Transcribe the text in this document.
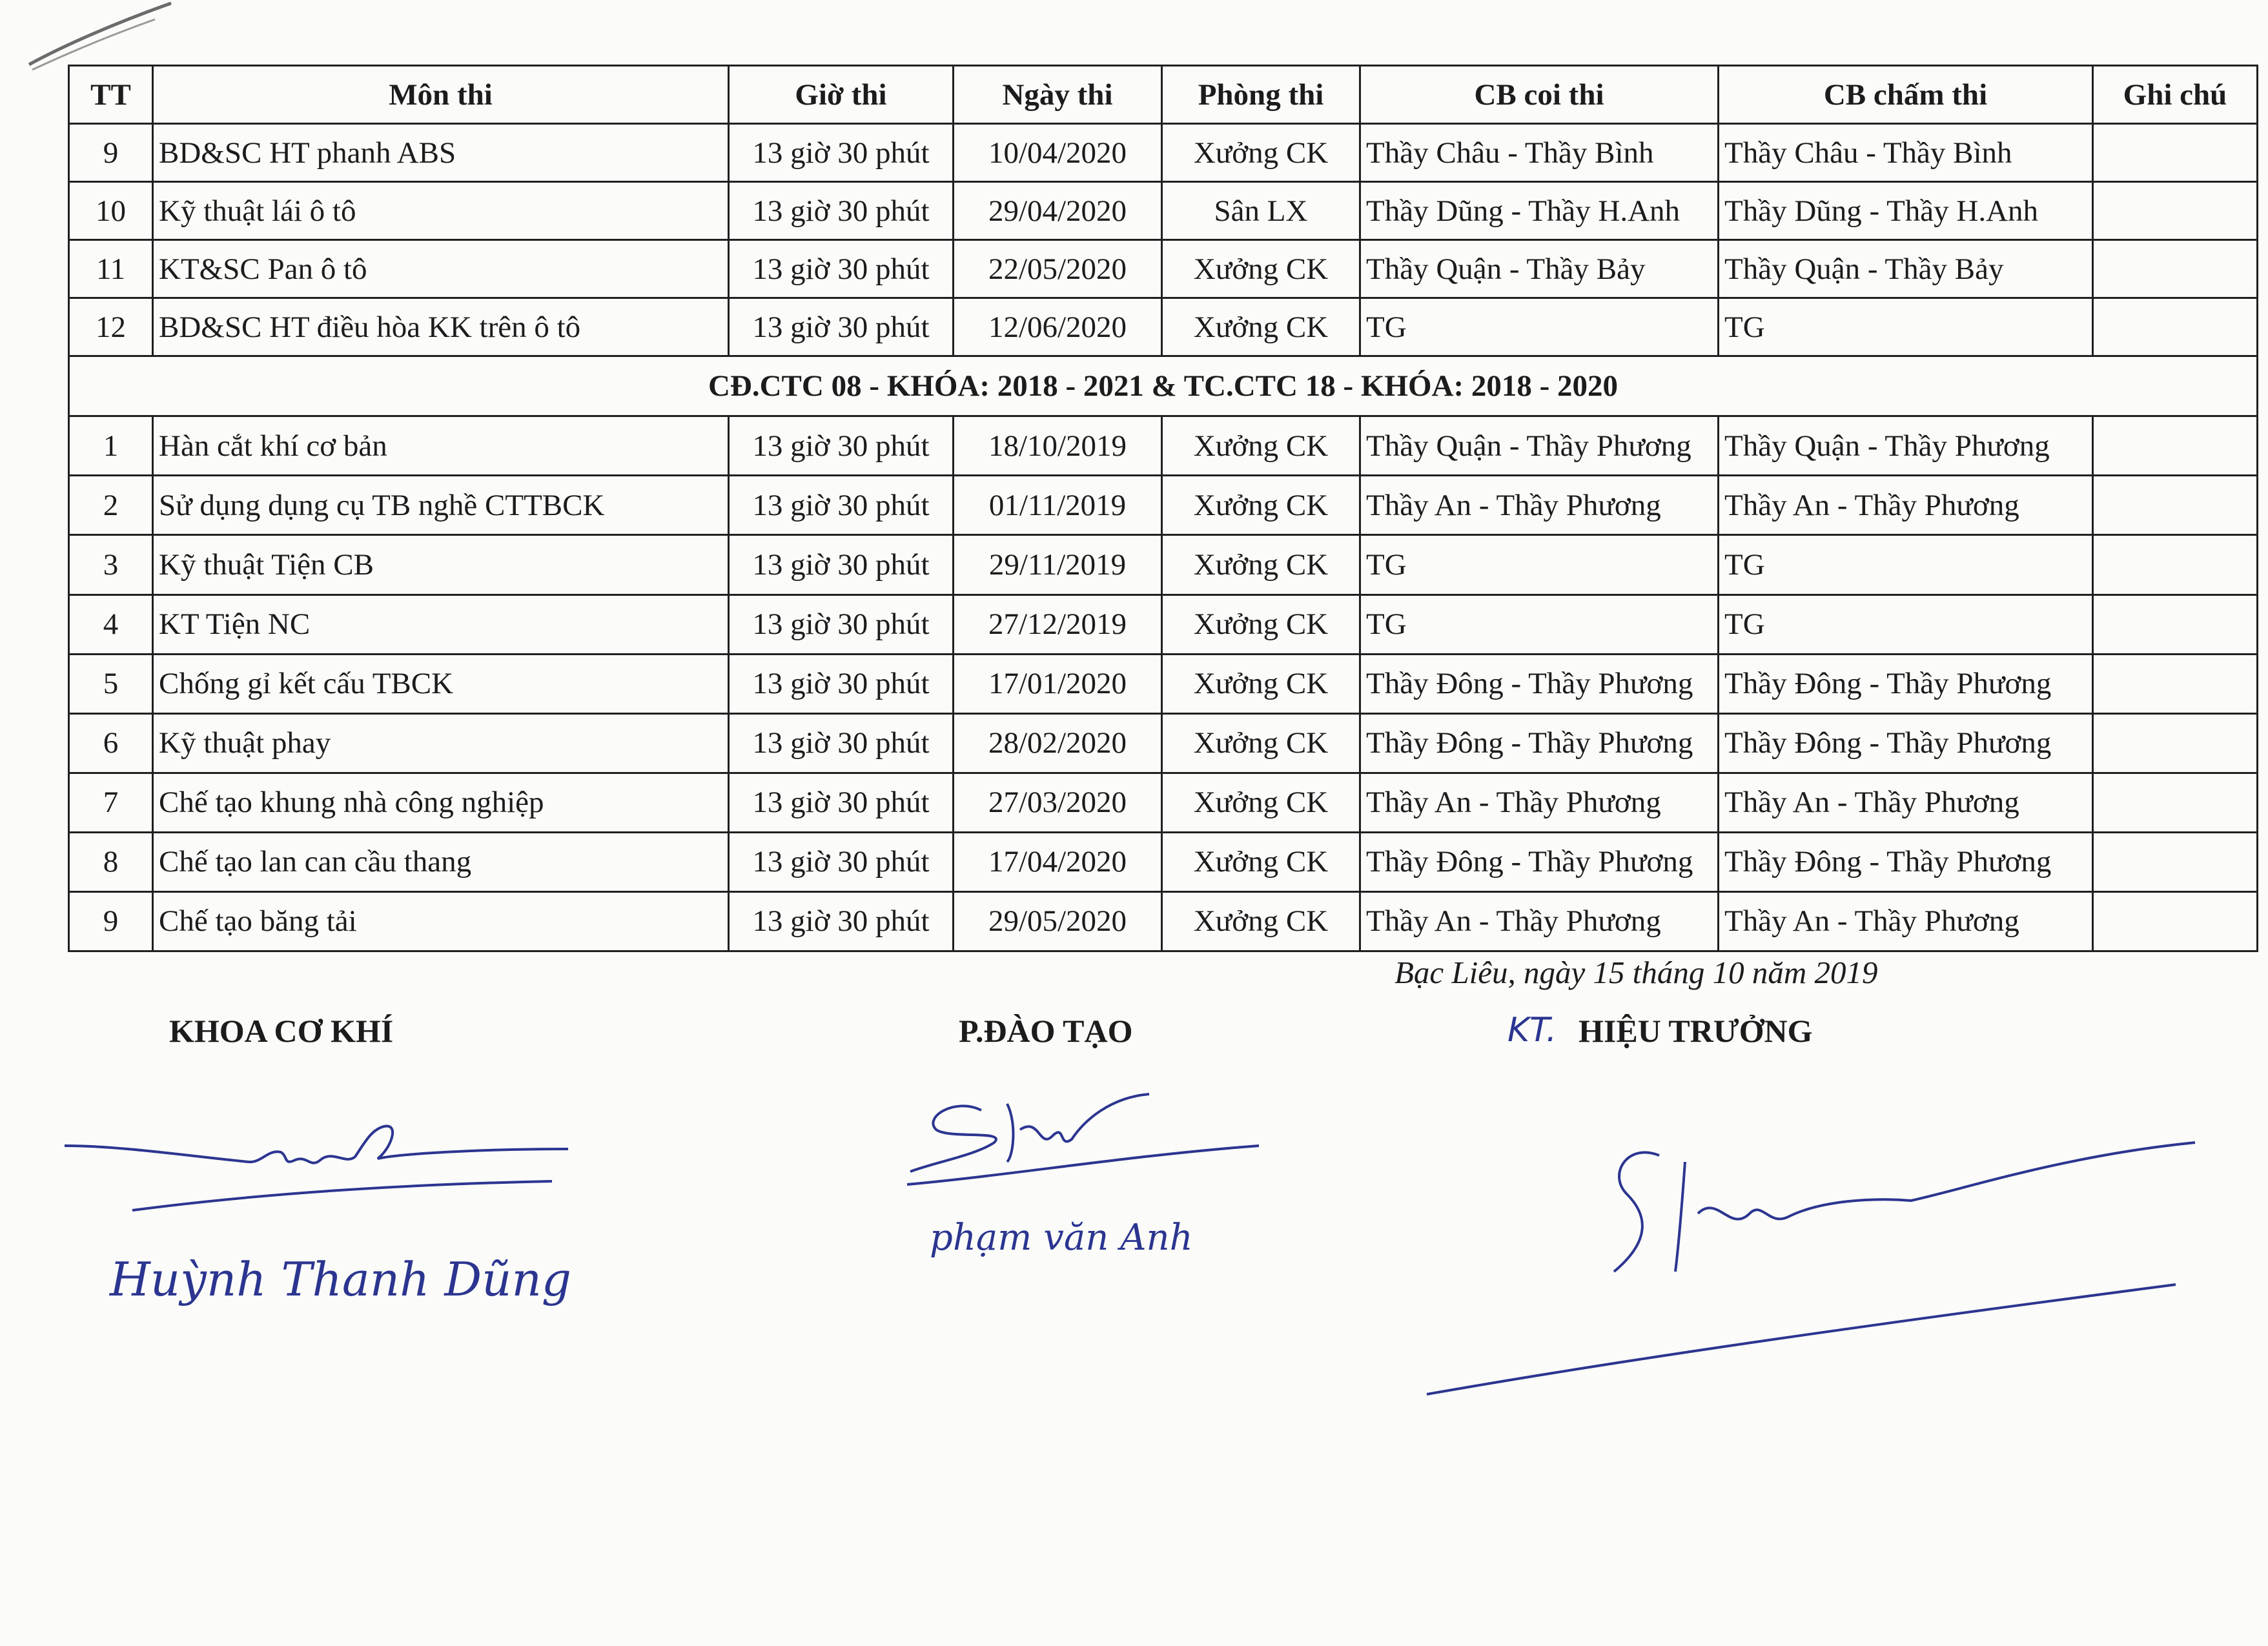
TT	Môn thi	Giờ thi	Ngày thi	Phòng thi	CB coi thi	CB chấm thi	Ghi chú
9	BD&SC HT phanh ABS	13 giờ 30 phút	10/04/2020	Xưởng CK	Thầy Châu - Thầy Bình	Thầy Châu - Thầy Bình	
10	Kỹ thuật lái ô tô	13 giờ 30 phút	29/04/2020	Sân LX	Thầy Dũng - Thầy H.Anh	Thầy Dũng - Thầy H.Anh	
11	KT&SC Pan ô tô	13 giờ 30 phút	22/05/2020	Xưởng CK	Thầy Quận - Thầy Bảy	Thầy Quận - Thầy Bảy	
12	BD&SC HT điều hòa KK trên ô tô	13 giờ 30 phút	12/06/2020	Xưởng CK	TG	TG	
CĐ.CTC 08 - KHÓA: 2018 - 2021 & TC.CTC 18 - KHÓA: 2018 - 2020							
1	Hàn cắt khí cơ bản	13 giờ 30 phút	18/10/2019	Xưởng CK	Thầy Quận - Thầy Phương	Thầy Quận - Thầy Phương	
2	Sử dụng dụng cụ TB nghề CTTBCK	13 giờ 30 phút	01/11/2019	Xưởng CK	Thầy An - Thầy Phương	Thầy An - Thầy Phương	
3	Kỹ thuật Tiện CB	13 giờ 30 phút	29/11/2019	Xưởng CK	TG	TG	
4	KT Tiện NC	13 giờ 30 phút	27/12/2019	Xưởng CK	TG	TG	
5	Chống gỉ kết cấu TBCK	13 giờ 30 phút	17/01/2020	Xưởng CK	Thầy Đông - Thầy Phương	Thầy Đông - Thầy Phương	
6	Kỹ thuật phay	13 giờ 30 phút	28/02/2020	Xưởng CK	Thầy Đông - Thầy Phương	Thầy Đông - Thầy Phương	
7	Chế tạo khung nhà công nghiệp	13 giờ 30 phút	27/03/2020	Xưởng CK	Thầy An - Thầy Phương	Thầy An - Thầy Phương	
8	Chế tạo lan can cầu thang	13 giờ 30 phút	17/04/2020	Xưởng CK	Thầy Đông - Thầy Phương	Thầy Đông - Thầy Phương	
9	Chế tạo băng tải	13 giờ 30 phút	29/05/2020	Xưởng CK	Thầy An - Thầy Phương	Thầy An - Thầy Phương	
Bạc Liêu, ngày 15 tháng 10 năm 2019
KHOA CƠ KHÍ	P.ĐÀO TẠO	KT. HIỆU TRƯỞNG
Huỳnh Thanh Dũng
phạm văn Anh
